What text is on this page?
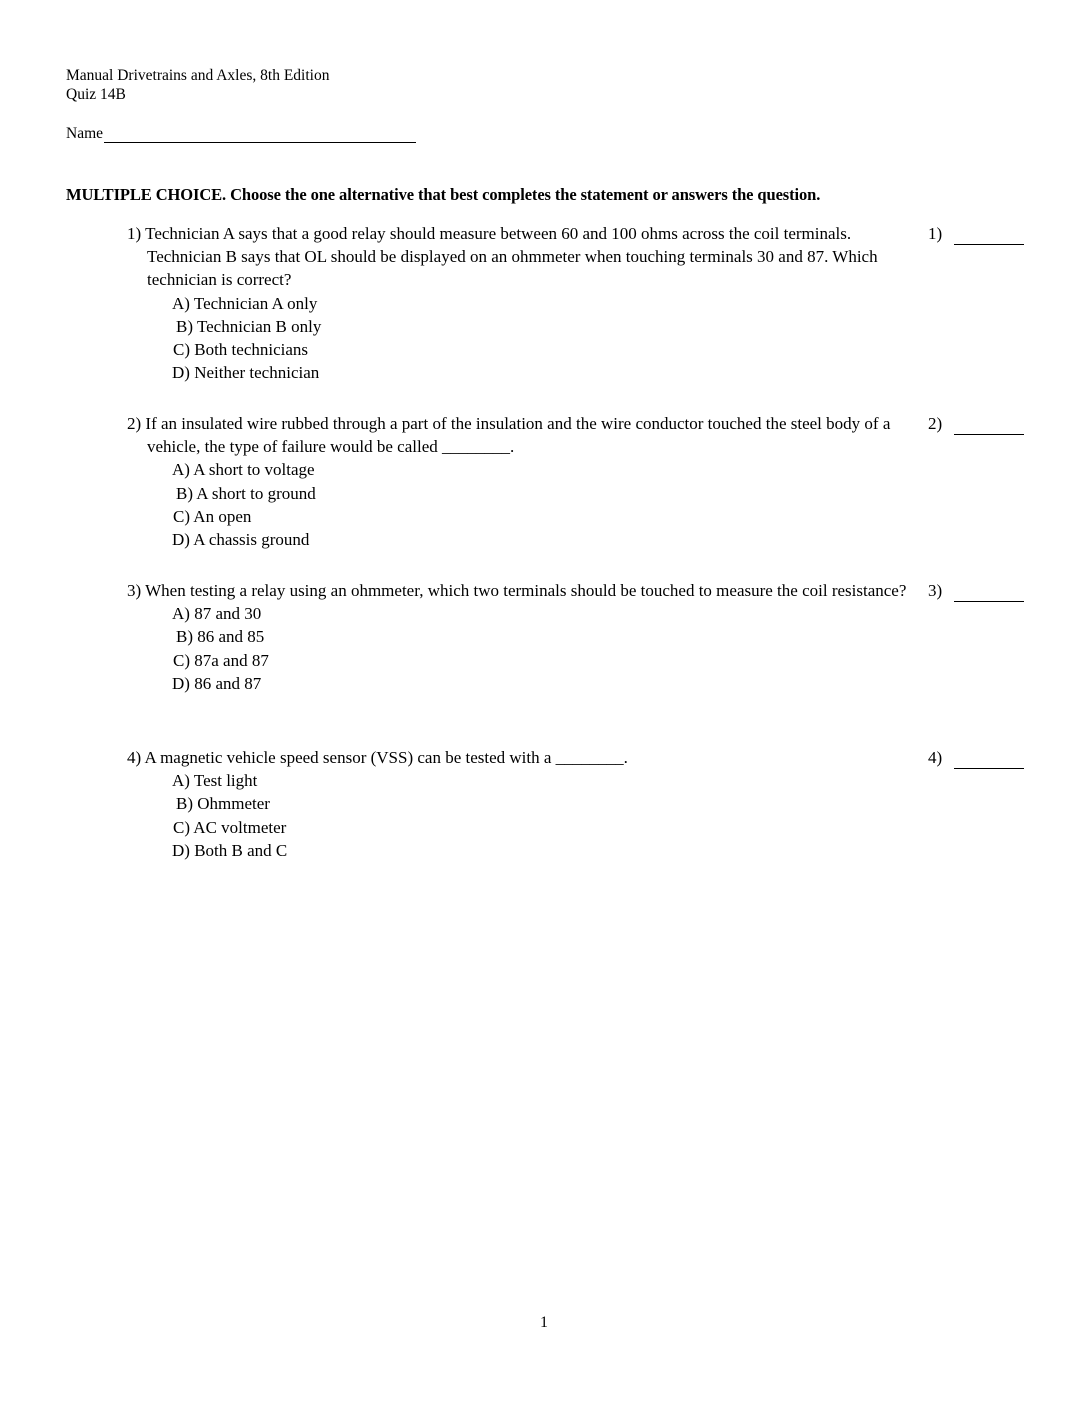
Manual Drivetrains and Axles, 8th Edition
Quiz 14B
Name
MULTIPLE CHOICE. Choose the one alternative that best completes the statement or answers the question.
1) Technician A says that a good relay should measure between 60 and 100 ohms across the coil terminals. Technician B says that OL should be displayed on an ohmmeter when touching terminals 30 and 87. Which technician is correct?
A) Technician A only
B) Technician B only
C) Both technicians
D) Neither technician
1)
2) If an insulated wire rubbed through a part of the insulation and the wire conductor touched the steel body of a vehicle, the type of failure would be called ________.
A) A short to voltage
B) A short to ground
C) An open
D) A chassis ground
2)
3) When testing a relay using an ohmmeter, which two terminals should be touched to measure the coil resistance?
A) 87 and 30
B) 86 and 85
C) 87a and 87
D) 86 and 87
3)
4) A magnetic vehicle speed sensor (VSS) can be tested with a ________.
A) Test light
B) Ohmmeter
C) AC voltmeter
D) Both B and C
4)
1
